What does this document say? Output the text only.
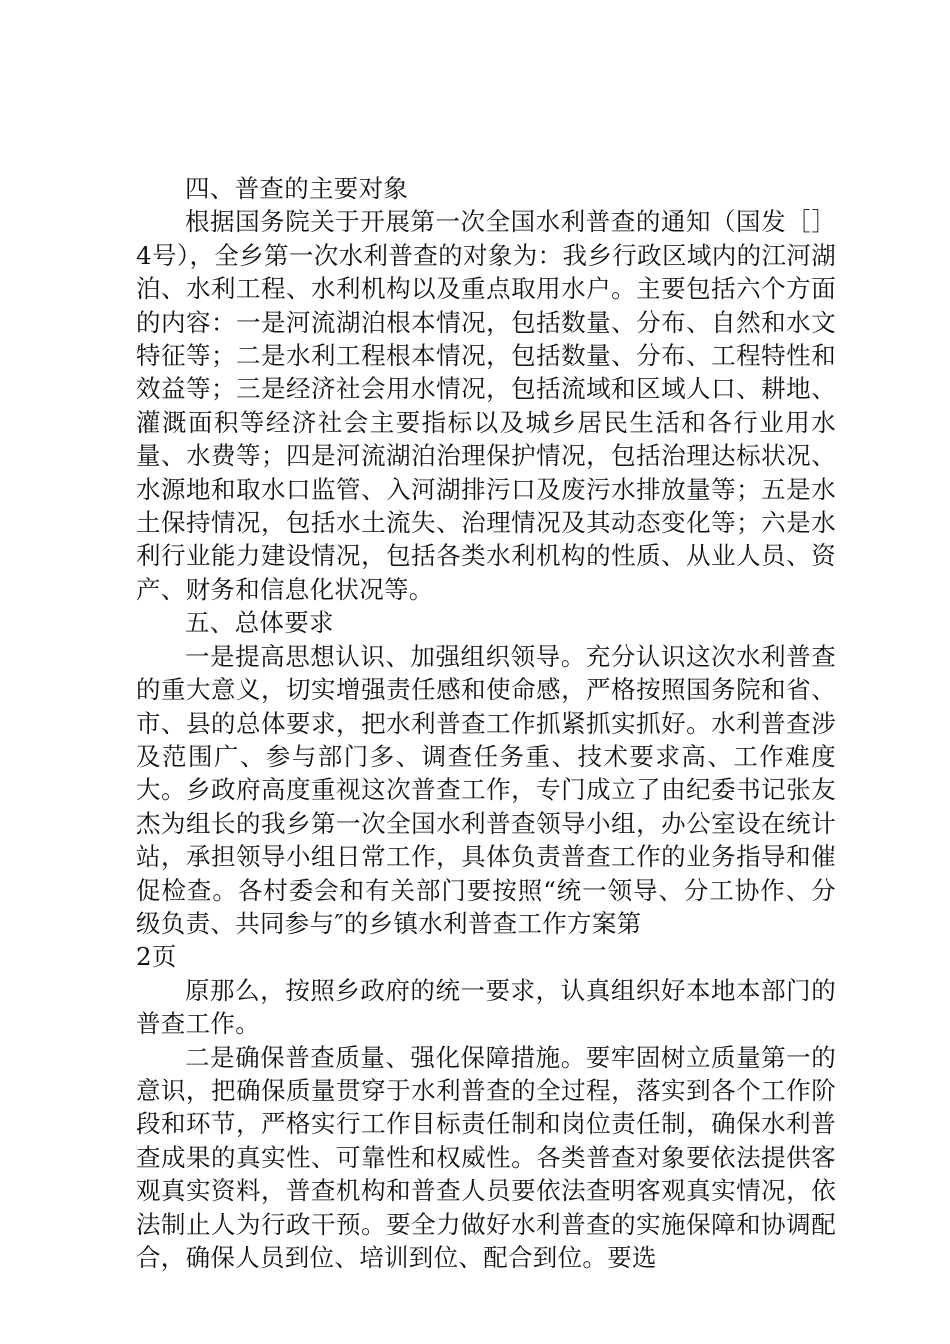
四、普查的主要对象

根据国务院关于开展第一次全国水利普查的通知（国发［］4号），全乡第一次水利普查的对象为：我乡行政区域内的江河湖泊、水利工程、水利机构以及重点取用水户。主要包括六个方面的内容：一是河流湖泊根本情况，包括数量、分布、自然和水文特征等；二是水利工程根本情况，包括数量、分布、工程特性和效益等；三是经济社会用水情况，包括流域和区域人口、耕地、灌溉面积等经济社会主要指标以及城乡居民生活和各行业用水量、水费等；四是河流湖泊治理保护情况，包括治理达标状况、水源地和取水口监管、入河湖排污口及废污水排放量等；五是水土保持情况，包括水土流失、治理情况及其动态变化等；六是水利行业能力建设情况，包括各类水利机构的性质、从业人员、资产、财务和信息化状况等。

五、总体要求

一是提高思想认识、加强组织领导。充分认识这次水利普查的重大意义，切实增强责任感和使命感，严格按照国务院和省、市、县的总体要求，把水利普查工作抓紧抓实抓好。水利普查涉及范围广、参与部门多、调查任务重、技术要求高、工作难度大。乡政府高度重视这次普查工作，专门成立了由纪委书记张友杰为组长的我乡第一次全国水利普查领导小组，办公室设在统计站，承担领导小组日常工作，具体负责普查工作的业务指导和催促检查。各村委会和有关部门要按照“统一领导、分工协作、分级负责、共同参与″的乡镇水利普查工作方案第

2页

原那么，按照乡政府的统一要求，认真组织好本地本部门的普查工作。

二是确保普查质量、强化保障措施。要牢固树立质量第一的意识，把确保质量贯穿于水利普查的全过程，落实到各个工作阶段和环节，严格实行工作目标责任制和岗位责任制，确保水利普查成果的真实性、可靠性和权威性。各类普查对象要依法提供客观真实资料，普查机构和普查人员要依法查明客观真实情况，依法制止人为行政干预。要全力做好水利普查的实施保障和协调配合，确保人员到位、培训到位、配合到位。要选
